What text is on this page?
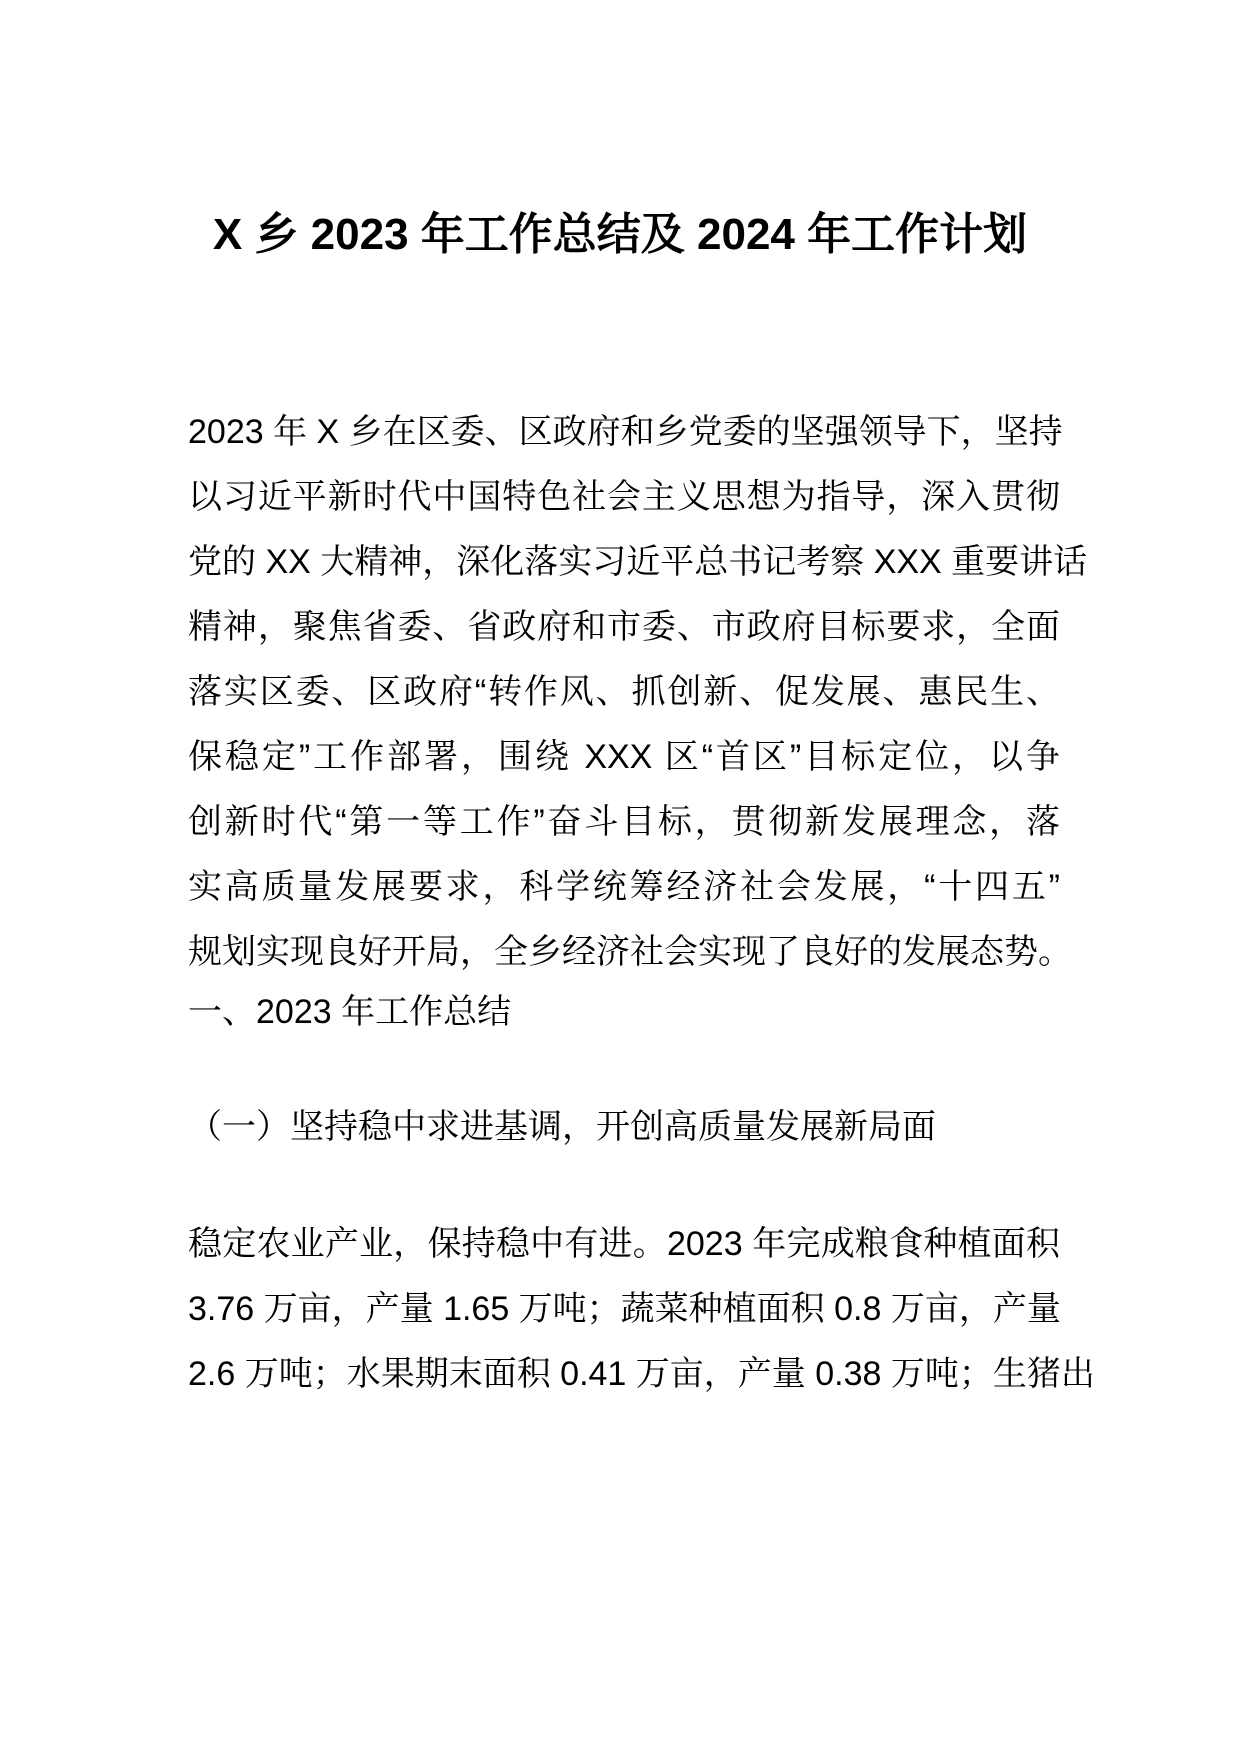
X 乡 2023 年工作总结及 2024 年工作计划
2023 年 X 乡在区委、区政府和乡党委的坚强领导下，坚持
以习近平新时代中国特色社会主义思想为指导，深入贯彻
党的 XX 大精神，深化落实习近平总书记考察 XXX 重要讲话
精神，聚焦省委、省政府和市委、市政府目标要求，全面
落实区委、区政府“转作风、抓创新、促发展、惠民生、
保稳定”工作部署，围绕 XXX 区“首区”目标定位，以争
创新时代“第一等工作”奋斗目标，贯彻新发展理念，落
实高质量发展要求，科学统筹经济社会发展，“十四五”
规划实现良好开局，全乡经济社会实现了良好的发展态势。
一、2023 年工作总结
（一）坚持稳中求进基调，开创高质量发展新局面
稳定农业产业，保持稳中有进。2023 年完成粮食种植面积
3.76 万亩，产量 1.65 万吨；蔬菜种植面积 0.8 万亩，产量
2.6 万吨；水果期末面积 0.41 万亩，产量 0.38 万吨；生猪出
